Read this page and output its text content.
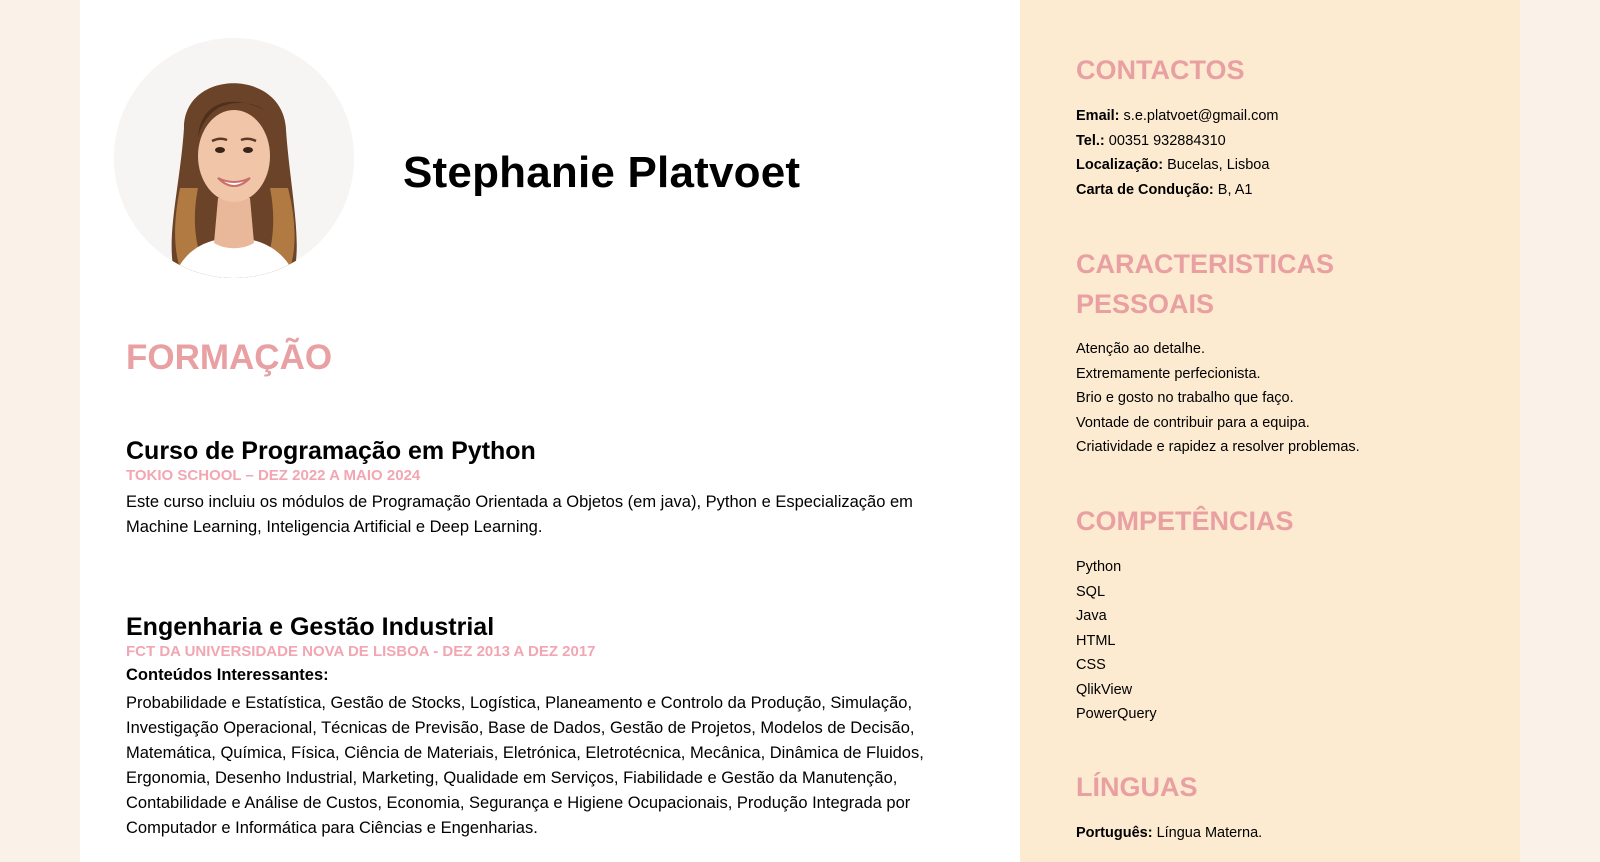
Stephanie Platvoet
FORMAÇÃO
Curso de Programação em Python
TOKIO SCHOOL – DEZ 2022 A MAIO 2024

Este curso incluiu os módulos de Programação Orientada a Objetos (em java), Python e Especialização em Machine Learning, Inteligencia Artificial e Deep Learning.

Engenharia e Gestão Industrial
FCT DA UNIVERSIDADE NOVA DE LISBOA - DEZ 2013 A DEZ 2017
Conteúdos Interessantes:

Probabilidade e Estatística, Gestão de Stocks, Logística, Planeamento e Controlo da Produção, Simulação, Investigação Operacional, Técnicas de Previsão, Base de Dados, Gestão de Projetos, Modelos de Decisão, Matemática, Química, Física, Ciência de Materiais, Eletrónica, Eletrotécnica, Mecânica, Dinâmica de Fluidos, Ergonomia, Desenho Industrial, Marketing, Qualidade em Serviços, Fiabilidade e Gestão da Manutenção, Contabilidade e Análise de Custos, Economia, Segurança e Higiene Ocupacionais, Produção Integrada por Computador e Informática para Ciências e Engenharias.

CONTACTOS
Email: s.e.platvoet@gmail.com
Tel.: 00351 932884310
Localização: Bucelas, Lisboa
Carta de Condução: B, A1
CARACTERISTICAS
PESSOAIS
Atenção ao detalhe.
Extremamente perfecionista.
Brio e gosto no trabalho que faço.
Vontade de contribuir para a equipa.
Criatividade e rapidez a resolver problemas.
COMPETÊNCIAS
Python
SQL
Java
HTML
CSS
QlikView
PowerQuery
LÍNGUAS
Português: Língua Materna.
